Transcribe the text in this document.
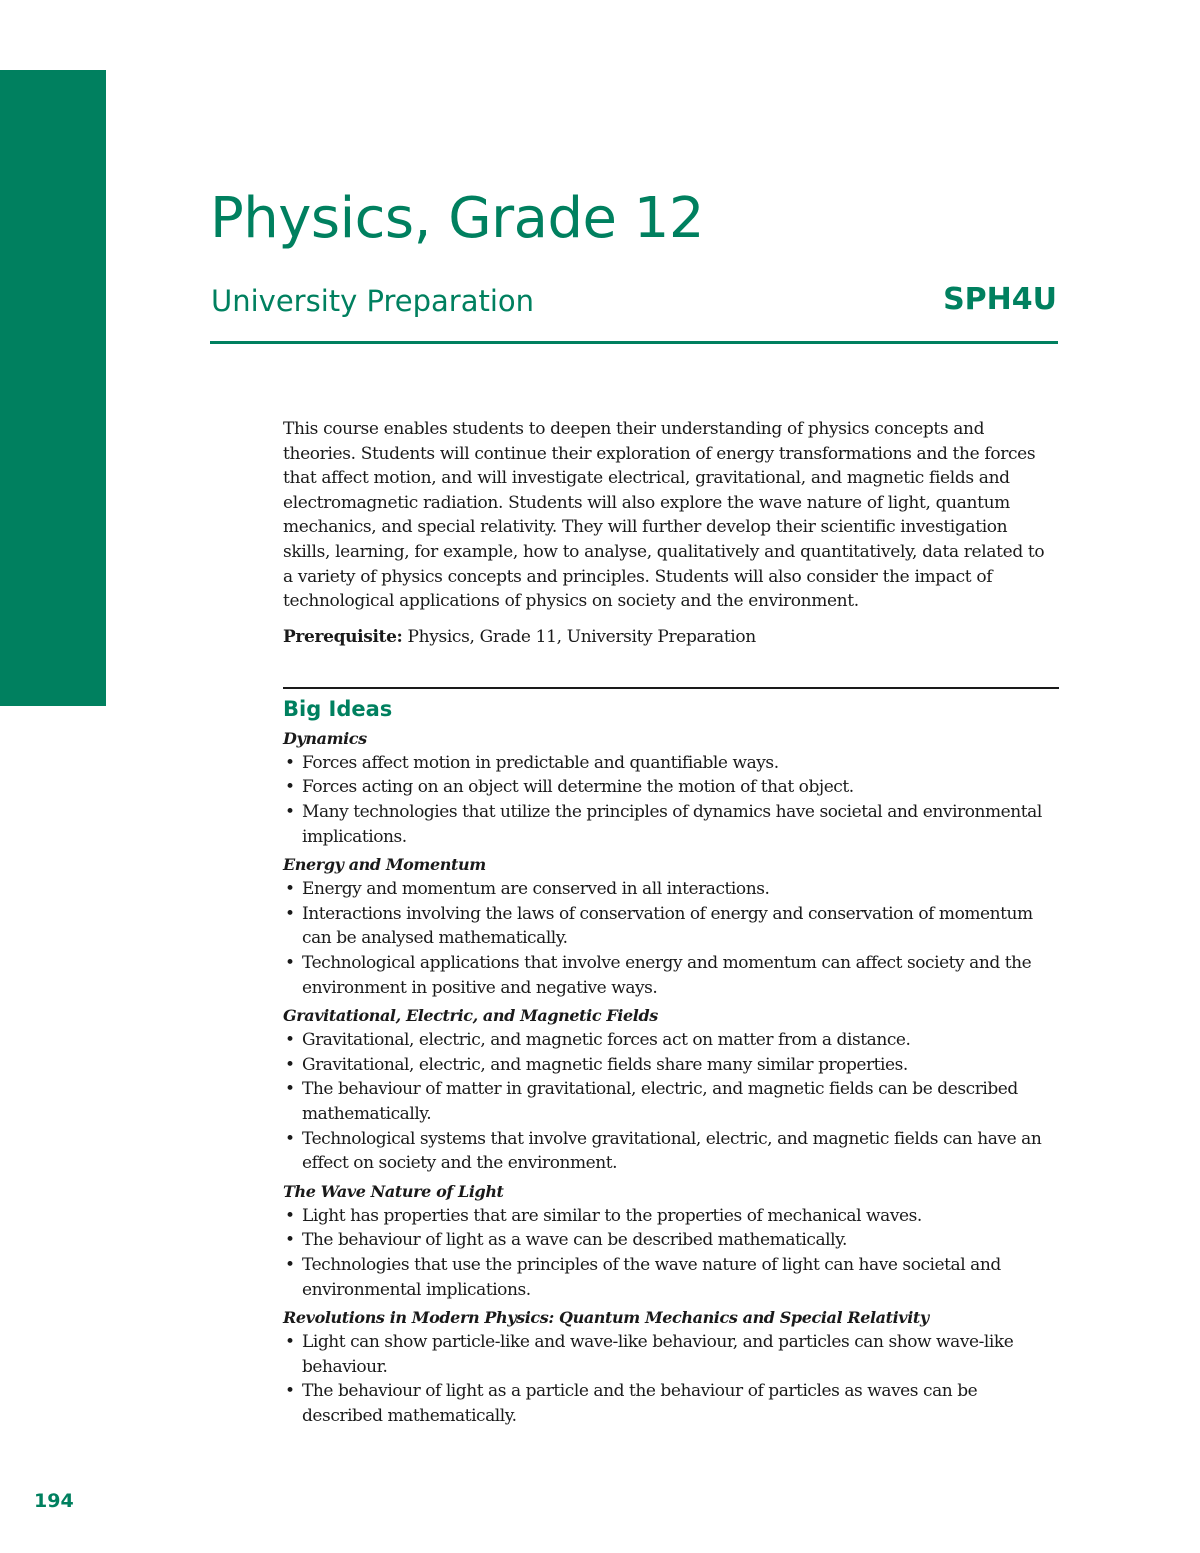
Physics, Grade 12
University Preparation	SPH4U

This course enables students to deepen their understanding of physics concepts and theories. Students will continue their exploration of energy transformations and the forces that affect motion, and will investigate electrical, gravitational, and magnetic fields and electromagnetic radiation. Students will also explore the wave nature of light, quantum mechanics, and special relativity. They will further develop their scientific investigation skills, learning, for example, how to analyse, qualitatively and quantitatively, data related to a variety of physics concepts and principles. Students will also consider the impact of technological applications of physics on society and the environment.

Prerequisite: Physics, Grade 11, University Preparation

Big Ideas
Dynamics
• Forces affect motion in predictable and quantifiable ways.
• Forces acting on an object will determine the motion of that object.
• Many technologies that utilize the principles of dynamics have societal and environmental implications.
Energy and Momentum
• Energy and momentum are conserved in all interactions.
• Interactions involving the laws of conservation of energy and conservation of momentum can be analysed mathematically.
• Technological applications that involve energy and momentum can affect society and the environment in positive and negative ways.
Gravitational, Electric, and Magnetic Fields
• Gravitational, electric, and magnetic forces act on matter from a distance.
• Gravitational, electric, and magnetic fields share many similar properties.
• The behaviour of matter in gravitational, electric, and magnetic fields can be described mathematically.
• Technological systems that involve gravitational, electric, and magnetic fields can have an effect on society and the environment.
The Wave Nature of Light
• Light has properties that are similar to the properties of mechanical waves.
• The behaviour of light as a wave can be described mathematically.
• Technologies that use the principles of the wave nature of light can have societal and environmental implications.
Revolutions in Modern Physics: Quantum Mechanics and Special Relativity
• Light can show particle-like and wave-like behaviour, and particles can show wave-like behaviour.
• The behaviour of light as a particle and the behaviour of particles as waves can be described mathematically.
194
